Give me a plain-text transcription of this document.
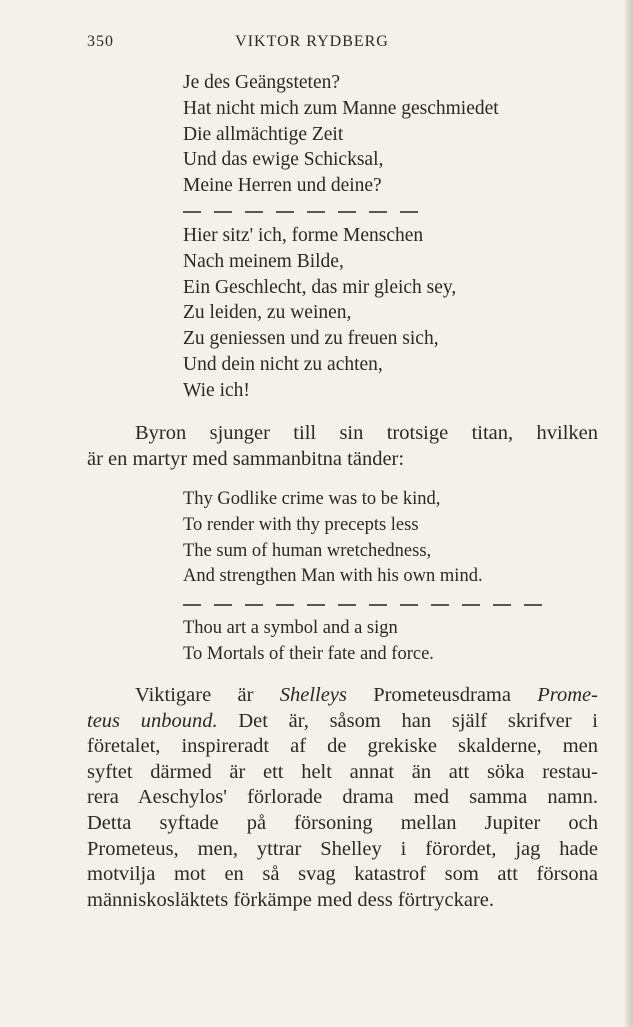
350	VIKTOR RYDBERG
Je des Geängsteten?
Hat nicht mich zum Manne geschmiedet
Die allmächtige Zeit
Und das ewige Schicksal,
Meine Herren und deine?
Hier sitz' ich, forme Menschen
Nach meinem Bilde,
Ein Geschlecht, das mir gleich sey,
Zu leiden, zu weinen,
Zu geniessen und zu freuen sich,
Und dein nicht zu achten,
Wie ich!
Byron sjunger till sin trotsige titan, hvilken
är en martyr med sammanbitna tänder:
Thy Godlike crime was to be kind,
To render with thy precepts less
The sum of human wretchedness,
And strengthen Man with his own mind.
Thou art a symbol and a sign
To Mortals of their fate and force.
Viktigare är Shelleys Prometeusdrama Prome-
teus unbound. Det är, såsom han själf skrifver i
företalet, inspireradt af de grekiske skalderne, men
syftet därmed är ett helt annat än att söka restau-
rera Aeschylos' förlorade drama med samma namn.
Detta syftade på försoning mellan Jupiter och
Prometeus, men, yttrar Shelley i förordet, jag hade
motvilja mot en så svag katastrof som att försona
människosläktets förkämpe med dess förtryckare.
